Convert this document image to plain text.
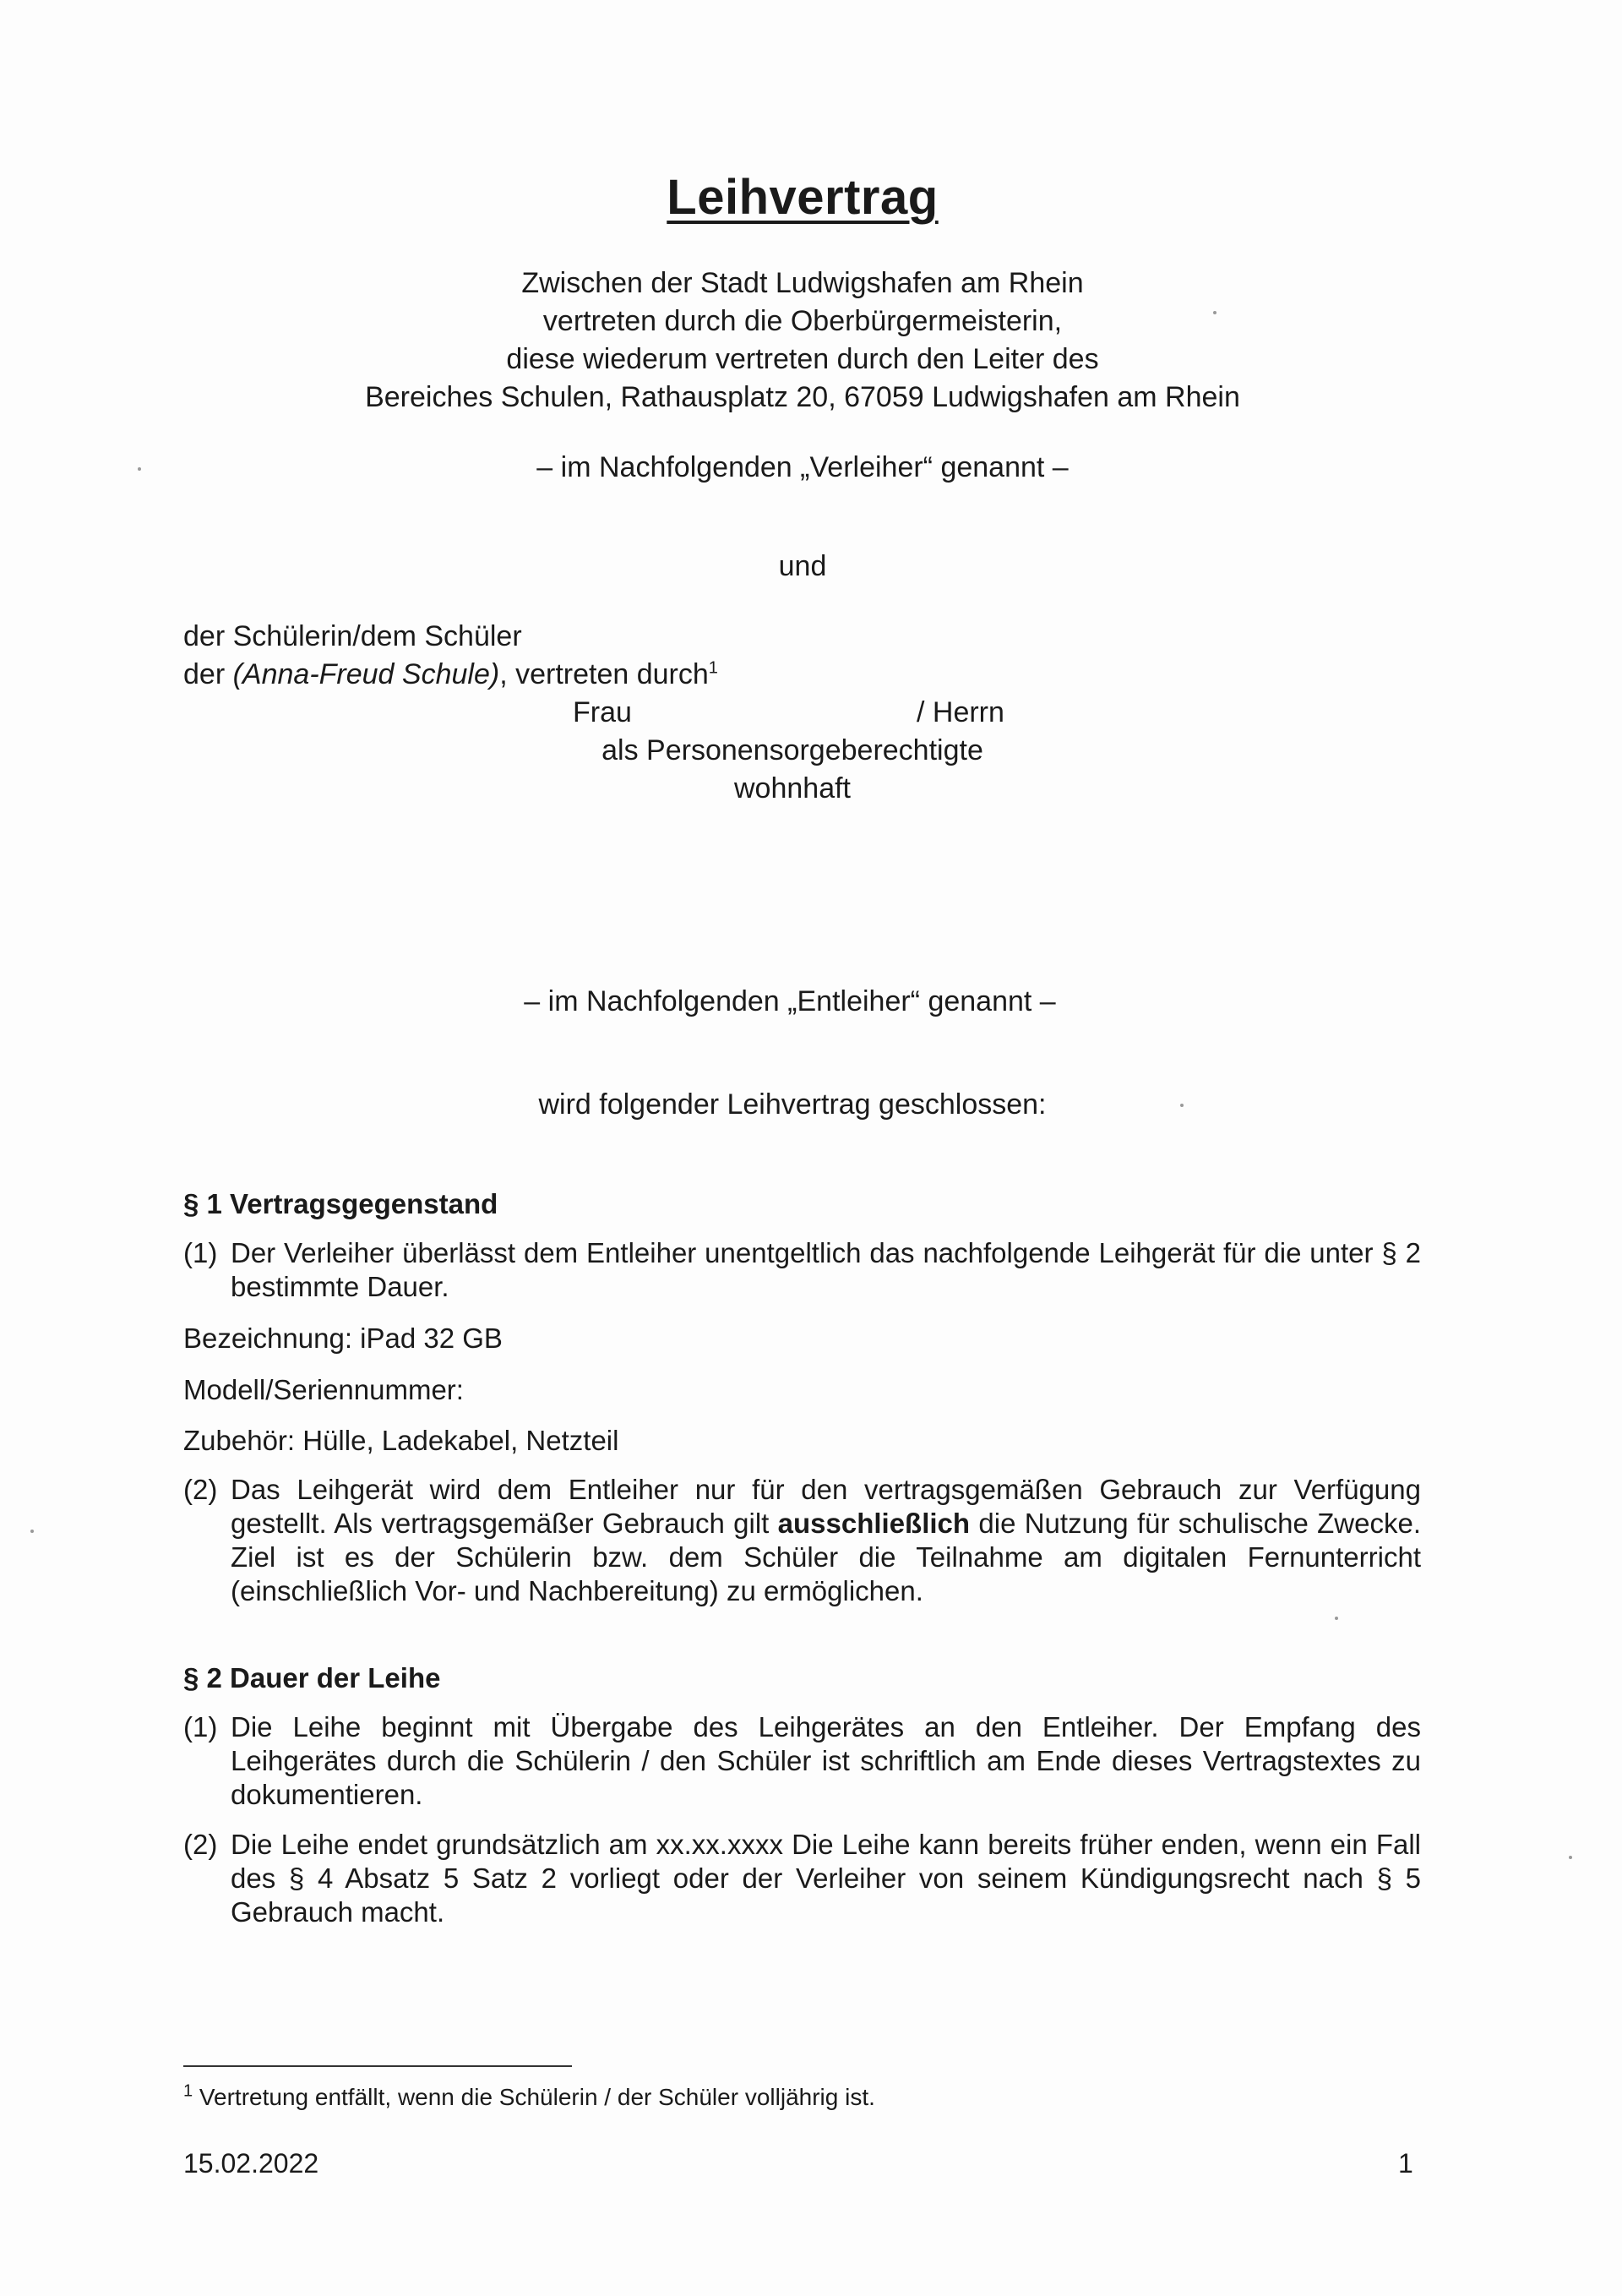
Leihvertrag
Zwischen der Stadt Ludwigshafen am Rhein
vertreten durch die Oberbürgermeisterin,
diese wiederum vertreten durch den Leiter des
Bereiches Schulen, Rathausplatz 20, 67059 Ludwigshafen am Rhein
– im Nachfolgenden „Verleiher“ genannt –
und
der Schülerin/dem Schüler
der (Anna-Freud Schule), vertreten durch$^1$
Frau	/ Herrn
als Personensorgeberechtigte
wohnhaft
– im Nachfolgenden „Entleiher“ genannt –
wird folgender Leihvertrag geschlossen:
§ 1 Vertragsgegenstand
(1) Der Verleiher überlässt dem Entleiher unentgeltlich das nachfolgende Leihgerät für die unter § 2 bestimmte Dauer.
Bezeichnung: iPad 32 GB
Modell/Seriennummer:
Zubehör: Hülle, Ladekabel, Netzteil
(2) Das Leihgerät wird dem Entleiher nur für den vertragsgemäßen Gebrauch zur Verfügung gestellt. Als vertragsgemäßer Gebrauch gilt ausschließlich die Nutzung für schulische Zwecke. Ziel ist es der Schülerin bzw. dem Schüler die Teilnahme am digitalen Fernunterricht (einschließlich Vor- und Nachbereitung) zu ermöglichen.
§ 2 Dauer der Leihe
(1) Die Leihe beginnt mit Übergabe des Leihgerätes an den Entleiher. Der Empfang des Leihgerätes durch die Schülerin / den Schüler ist schriftlich am Ende dieses Vertragstextes zu dokumentieren.
(2) Die Leihe endet grundsätzlich am xx.xx.xxxx Die Leihe kann bereits früher enden, wenn ein Fall des § 4 Absatz 5 Satz 2 vorliegt oder der Verleiher von seinem Kündigungsrecht nach § 5 Gebrauch macht.
$^1$ Vertretung entfällt, wenn die Schülerin / der Schüler volljährig ist.
15.02.2022	1
